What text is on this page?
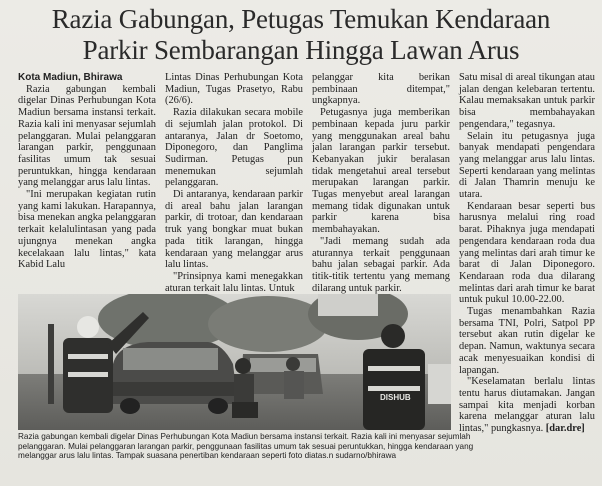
Razia Gabungan, Petugas Temukan Kendaraan
Parkir Sembarangan Hingga Lawan Arus

Kota Madiun, Bhirawa

Razia gabungan kembali digelar Dinas Perhubungan Kota Madiun bersama instansi terkait. Razia kali ini menyasar sejumlah pelanggaran. Mulai pelanggaran larangan parkir, penggunaan fasilitas umum tak sesuai peruntukkan, hingga kendaraan yang melanggar arus lalu lintas.

"Ini merupakan kegiatan rutin yang kami lakukan. Harapannya, bisa menekan angka pelanggaran terkait kelalulintasan yang pada ujungnya menekan angka kecelakaan lalu lintas," kata Kabid Lalu

Lintas Dinas Perhubungan Kota Madiun, Tugas Prasetyo, Rabu (26/6).

Razia dilakukan secara mobile di sejumlah jalan protokol. Di antaranya, Jalan dr Soetomo, Diponegoro, dan Panglima Sudirman. Petugas pun menemukan sejumlah pelanggaran.

Di antaranya, kendaraan parkir di areal bahu jalan larangan parkir, di trotoar, dan kendaraan truk yang bongkar muat bukan pada titik larangan, hingga kendaraan yang melanggar arus lalu lintas.

"Prinsipnya kami menegakkan aturan terkait lalu lintas. Untuk

pelanggar kita berikan pembinaan ditempat," ungkapnya.

Petugasnya juga memberikan pembinaan kepada juru parkir yang menggunakan areal bahu jalan larangan parkir tersebut. Kebanyakan jukir beralasan tidak mengetahui areal tersebut merupakan larangan parkir. Tugas menyebut areal larangan memang tidak digunakan untuk parkir karena bisa membahayakan.

"Jadi memang sudah ada aturannya terkait penggunaan bahu jalan sebagai parkir. Ada titik-titik tertentu yang memang dilarang untuk parkir.

Satu misal di areal tikungan atau jalan dengan kelebaran tertentu. Kalau memaksakan untuk parkir bisa membahayakan pengendara," tegasnya.

Selain itu petugasnya juga banyak mendapati pengendara yang melanggar arus lalu lintas. Seperti kendaraan yang melintas di Jalan Thamrin menuju ke utara.

Kendaraan besar seperti bus harusnya melalui ring road barat. Pihaknya juga mendapati pengendara kendaraan roda dua yang melintas dari arah timur ke barat di Jalan Diponegoro. Kendaraan roda dua dilarang melintas dari arah timur ke barat untuk pukul 10.00-22.00.

Tugas menambahkan Razia bersama TNI, Polri, Satpol PP tersebut akan rutin digelar ke depan. Namun, waktunya secara acak menyesuaikan kondisi di lapangan.

"Keselamatan berlalu lintas tentu harus diutamakan. Jangan sampai kita menjadi korban karena melanggar aturan lalu lintas," pungkasnya. [dar.dre]

DISHUB
Razia gabungan kembali digelar Dinas Perhubungan Kota Madiun bersama instansi terkait. Razia kali ini menyasar sejumlah
pelanggaran. Mulai pelanggaran larangan parkir, penggunaan fasilitas umum tak sesuai peruntukkan, hingga kendaraan yang
melanggar arus lalu lintas. Tampak suasana penertiban kendaraan seperti foto diatas.n sudarno/bhirawa
